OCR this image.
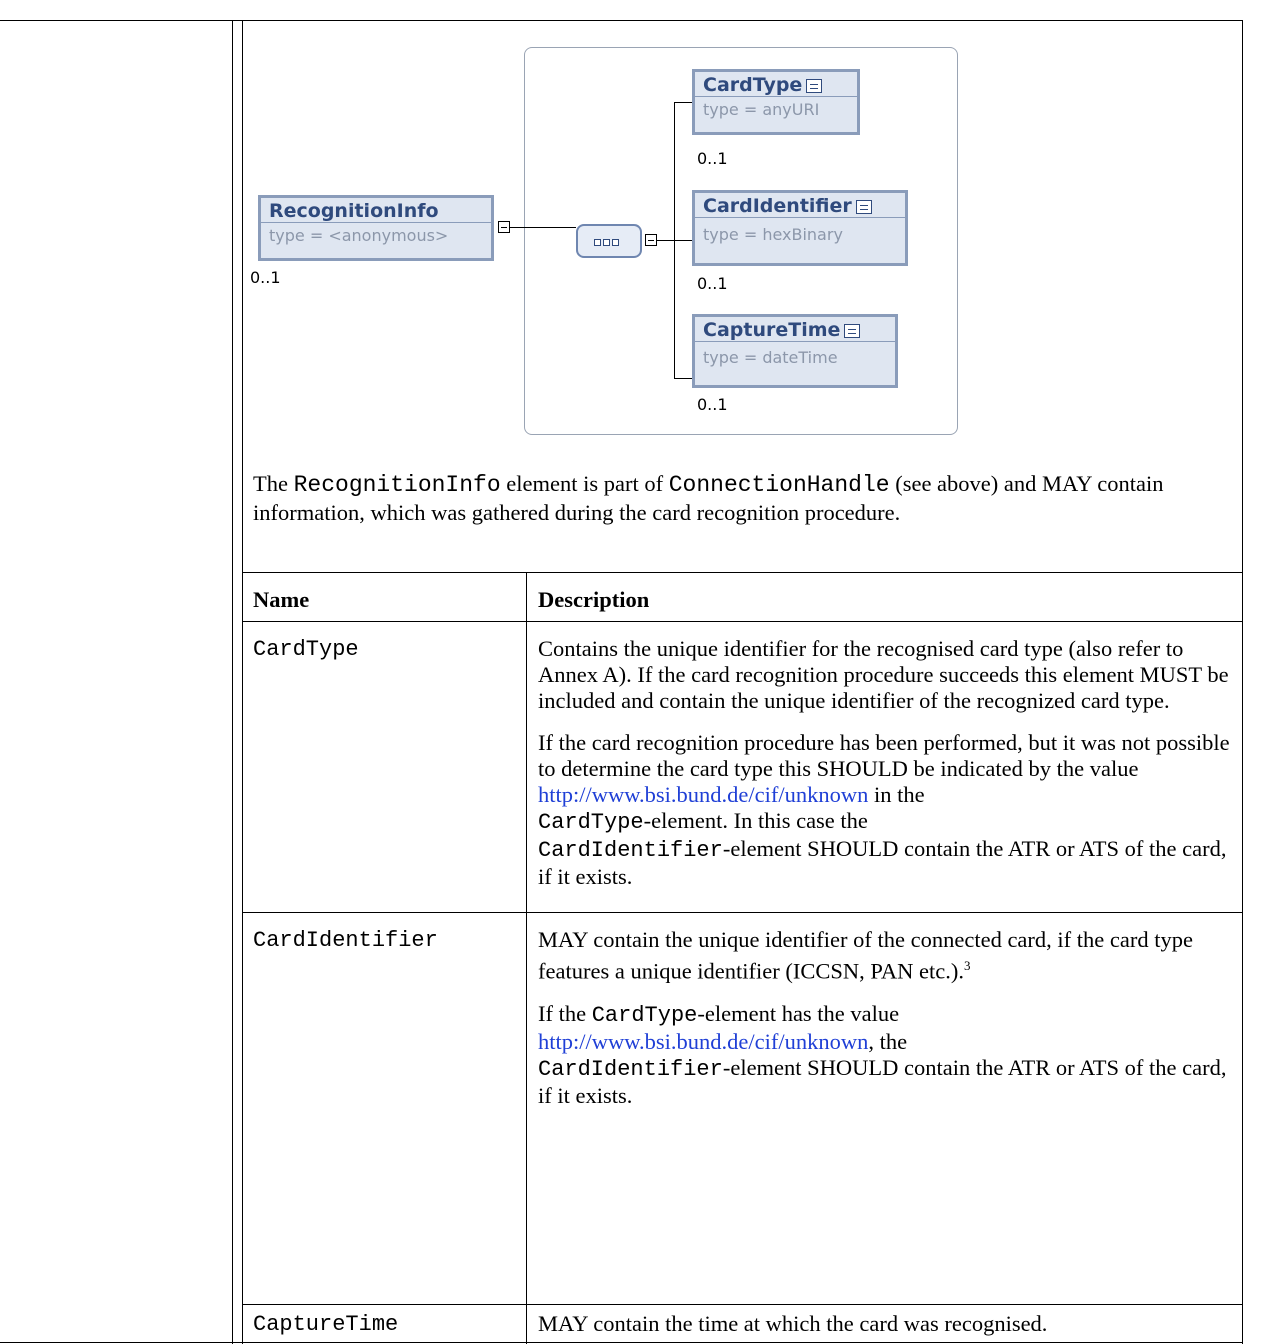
RecognitionInfo
type = <anonymous>
0..1
CardType
type = anyURI
0..1
CardIdentifier
type = hexBinary
0..1
CaptureTime
type = dateTime
0..1
The RecognitionInfo element is part of ConnectionHandle (see above) and MAY contain information, which was gathered during the card recognition procedure.
Name	Description
CardType	Contains the unique identifier for the recognised card type (also refer to Annex A). If the card recognition procedure succeeds this element MUST be included and contain the unique identifier of the recognized card type.

If the card recognition procedure has been performed, but it was not possible to determine the card type this SHOULD be indicated by the value http://www.bsi.bund.de/cif/unknown in the
CardType-element. In this case the
CardIdentifier-element SHOULD contain the ATR or ATS of the card, if it exists.

CardIdentifier	MAY contain the unique identifier of the connected card, if the card type features a unique identifier (ICCSN, PAN etc.).$^3$

If the CardType-element has the value
http://www.bsi.bund.de/cif/unknown, the
CardIdentifier-element SHOULD contain the ATR or ATS of the card, if it exists.

CaptureTime	MAY contain the time at which the card was recognised.
